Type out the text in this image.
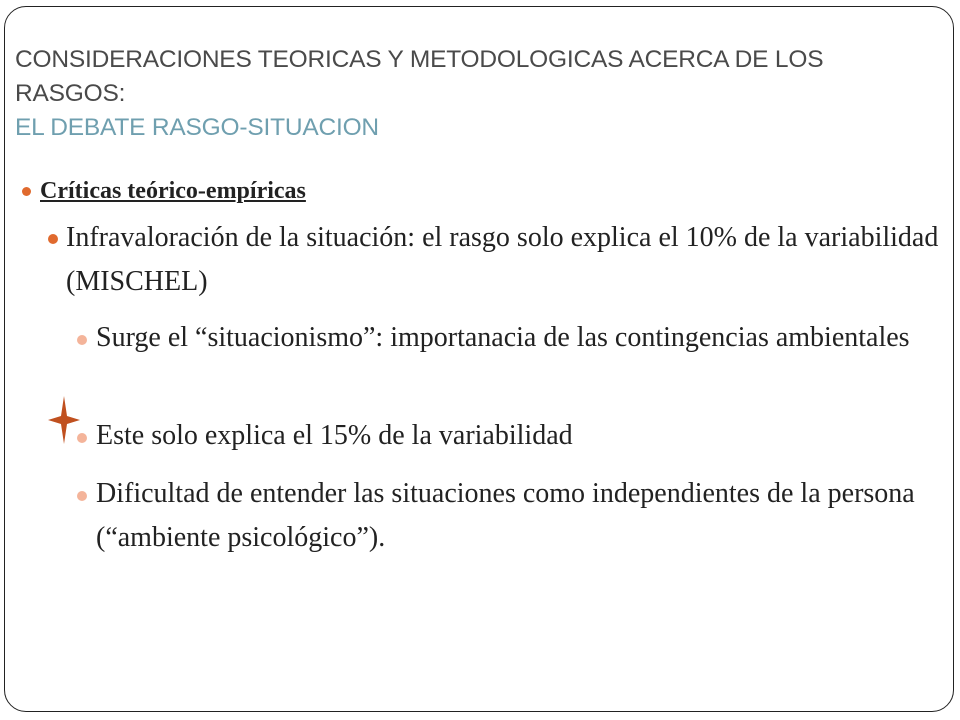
CONSIDERACIONES TEORICAS Y METODOLOGICAS ACERCA DE LOS
RASGOS:
EL DEBATE RASGO-SITUACION
Críticas teórico-empíricas
Infravaloración de la situación: el rasgo solo explica el 10% de la variabilidad (MISCHEL)
Surge el “situacionismo”: importanacia de las contingencias ambientales
Este solo explica el 15% de la variabilidad
Dificultad de entender las situaciones como independientes de la persona (“ambiente psicológico”).
